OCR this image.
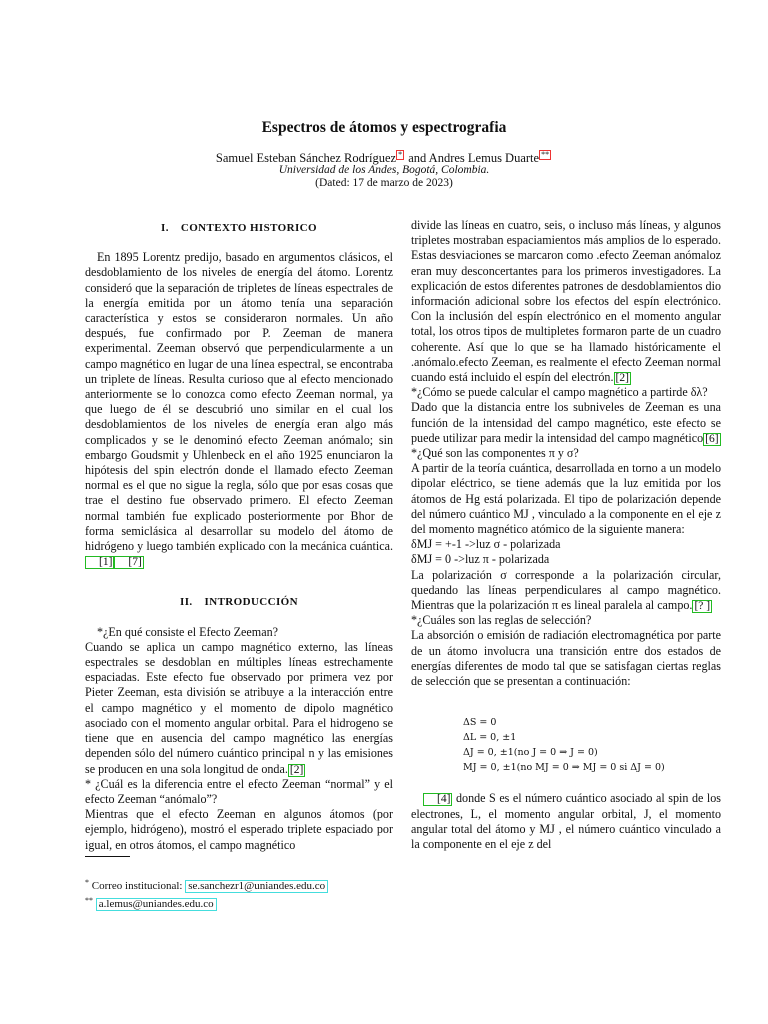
Espectros de átomos y espectrografia
Samuel Esteban Sánchez Rodríguez * and Andres Lemus Duarte **
Universidad de los Andes, Bogotá, Colombia.
(Dated: 17 de marzo de 2023)
I. CONTEXTO HISTORICO

En 1895 Lorentz predijo, basado en argumentos clásicos, el desdoblamiento de los niveles de energía del átomo. Lorentz consideró que la separación de tripletes de líneas espectrales de la energía emitida por un átomo tenía una separación característica y estos se consideraron normales. Un año después, fue confirmado por P. Zeeman de manera experimental. Zeeman observó que perpendicularmente a un campo magnético en lugar de una línea espectral, se encontraba un triplete de líneas. Resulta curioso que al efecto mencionado anteriormente se lo conozca como efecto Zeeman normal, ya que luego de él se descubrió uno similar en el cual los desdoblamientos de los niveles de energía eran algo más complicados y se le denominó efecto Zeeman anómalo; sin embargo Goudsmit y Uhlenbeck en el año 1925 enunciaron la hipótesis del spin electrón donde el llamado efecto Zeeman normal es el que no sigue la regla, sólo que por esas cosas que trae el destino fue observado primero. El efecto Zeeman normal también fue explicado posteriormente por Bhor de forma semiclásica al desarrollar su modelo del átomo de hidrógeno y luego también explicado con la mecánica cuántica. [1] [7]

II. INTRODUCCIÓN

*¿En qué consiste el Efecto Zeeman?

Cuando se aplica un campo magnético externo, las líneas espectrales se desdoblan en múltiples líneas estrechamente espaciadas. Este efecto fue observado por primera vez por Pieter Zeeman, esta división se atribuye a la interacción entre el campo magnético y el momento de dipolo magnético asociado con el momento angular orbital. Para el hidrogeno se tiene que en ausencia del campo magnético las energías dependen sólo del número cuántico principal n y las emisiones se producen en una sola longitud de onda. [2]

* ¿Cuál es la diferencia entre el efecto Zeeman “normal” y el efecto Zeeman “anómalo”?

Mientras que el efecto Zeeman en algunos átomos (por ejemplo, hidrógeno), mostró el esperado triplete espaciado por igual, en otros átomos, el campo magnético

* Correo institucional: se.sanchezr1@uniandes.edu.co
** a.lemus@uniandes.edu.co

divide las líneas en cuatro, seis, o incluso más líneas, y algunos tripletes mostraban espaciamientos más amplios de lo esperado. Estas desviaciones se marcaron como .efecto Zeeman anómaloz eran muy desconcertantes para los primeros investigadores. La explicación de estos diferentes patrones de desdoblamientos dio información adicional sobre los efectos del espín electrónico. Con la inclusión del espín electrónico en el momento angular total, los otros tipos de multipletes formaron parte de un cuadro coherente. Así que lo que se ha llamado históricamente el .anómalo.efecto Zeeman, es realmente el efecto Zeeman normal cuando está incluido el espín del electrón. [2]

*¿Cómo se puede calcular el campo magnético a partirde δλ?

Dado que la distancia entre los subniveles de Zeeman es una función de la intensidad del campo magnético, este efecto se puede utilizar para medir la intensidad del campo magnético [6]

*¿Qué son las componentes π y σ?

A partir de la teoría cuántica, desarrollada en torno a un modelo dipolar eléctrico, se tiene además que la luz emitida por los átomos de Hg está polarizada. El tipo de polarización depende del número cuántico MJ , vinculado a la componente en el eje z del momento magnético atómico de la siguiente manera:

δMJ = +-1 ->luz σ - polarizada

δMJ = 0 ->luz π - polarizada

La polarización σ corresponde a la polarización circular, quedando las líneas perpendiculares al campo magnético. Mientras que la polarización π es lineal paralela al campo. [? ]

*¿Cuáles son las reglas de selección?

La absorción o emisión de radiación electromagnética por parte de un átomo involucra una transición entre dos estados de energías diferentes de modo tal que se satisfagan ciertas reglas de selección que se presentan a continuación:

ΔS = 0
ΔL = 0, ±1
ΔJ = 0, ±1(no J = 0 ⇒ J = 0)
MJ = 0, ±1(no MJ = 0 ⇒ MJ = 0 si ΔJ = 0)

[4] donde S es el número cuántico asociado al spin de los electrones, L, el momento angular orbital, J, el momento angular total del átomo y MJ , el número cuántico vinculado a la componente en el eje z del
